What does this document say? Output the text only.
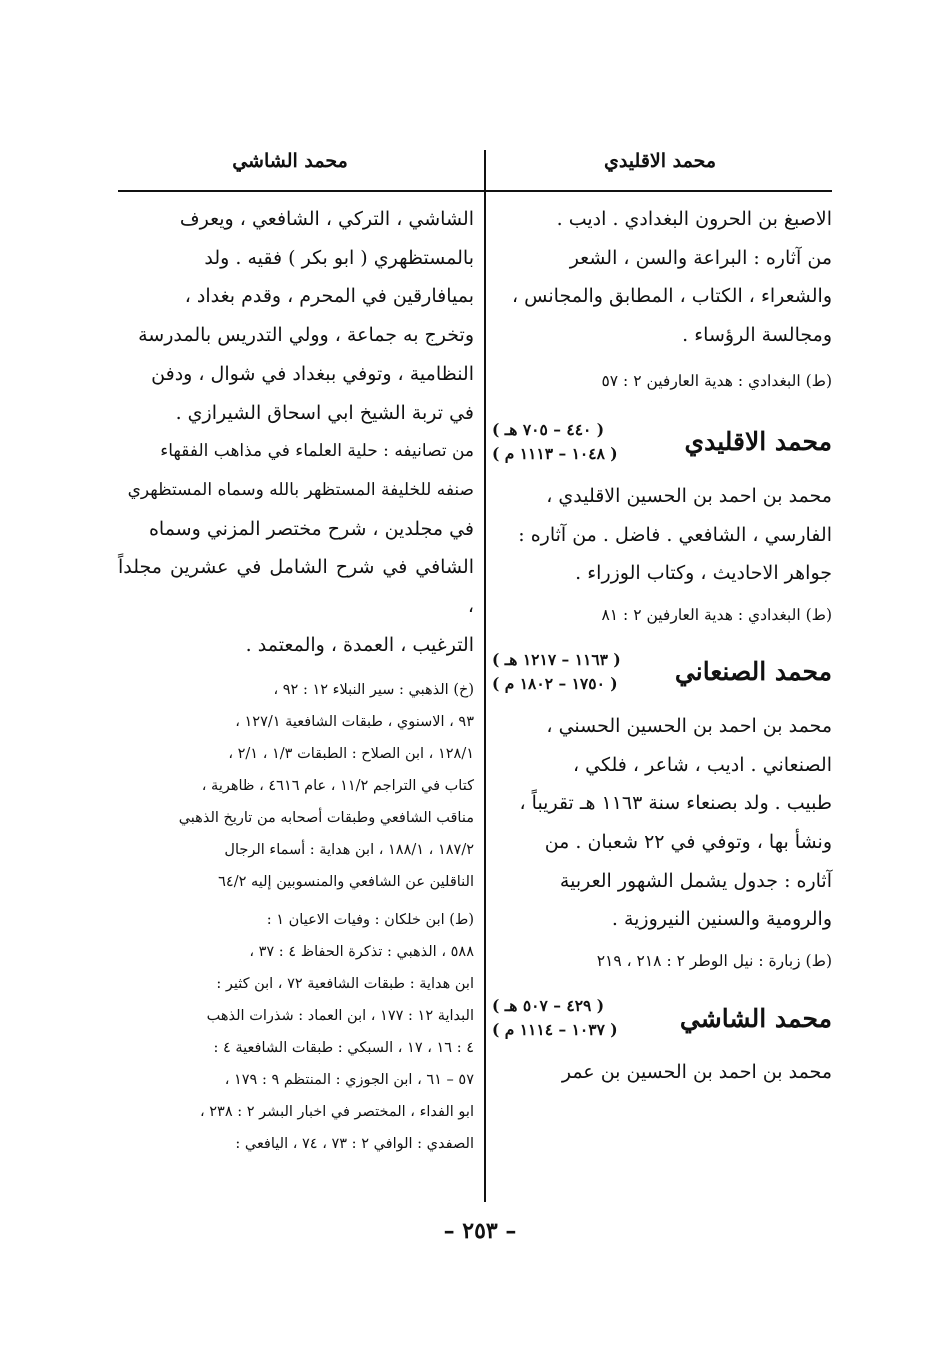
محمد الاقليدي
محمد الشاشي

الاصبغ بن الحرون البغدادي . اديب .

من آثاره : البراعة والسن ، الشعر

والشعراء ، الكتاب ، المطابق والمجانس ،

ومجالسة الرؤساء .

(ط) البغدادي : هدية العارفين ٢ : ٥٧

محمد الاقليدي
( ٤٤٠ – ٧٠٥ هـ )
( ١٠٤٨ – ١١١٣ م )

محمد بن احمد بن الحسين الاقليدي ،

الفارسي ، الشافعي . فاضل . من آثاره :

جواهر الاحاديث ، وكتاب الوزراء .

(ط) البغدادي : هدية العارفين ٢ : ٨١

محمد الصنعاني
( ١١٦٣ – ١٢١٧ هـ )
( ١٧٥٠ – ١٨٠٢ م )

محمد بن احمد بن الحسين الحسني ،

الصنعاني . اديب ، شاعر ، فلكي ،

طبيب . ولد بصنعاء سنة ١١٦٣ هـ تقريباً ،

ونشأ بها ، وتوفي في ٢٢ شعبان . من

آثاره : جدول يشمل الشهور العربية

والرومية والسنين النيروزية .

(ط) زبارة : نيل الوطر ٢ : ٢١٨ ، ٢١٩

محمد الشاشي
( ٤٢٩ – ٥٠٧ هـ )
( ١٠٣٧ – ١١١٤ م )

محمد بن احمد بن الحسين بن عمر

الشاشي ، التركي ، الشافعي ، ويعرف

بالمستظهري ( ابو بكر ) فقيه . ولد

بميافارقين في المحرم ، وقدم بغداد ،

وتخرج به جماعة ، وولي التدريس بالمدرسة

النظامية ، وتوفي ببغداد في شوال ، ودفن

في تربة الشيخ ابي اسحاق الشيرازي .

من تصانيفه : حلية العلماء في مذاهب الفقهاء

صنفه للخليفة المستظهر بالله وسماه المستظهري

في مجلدين ، شرح مختصر المزني وسماه

الشافي في شرح الشامل في عشرين مجلداً ،

الترغيب ، العمدة ، والمعتمد .

(خ) الذهبي : سير النبلاء ١٢ : ٩٢ ،

٩٣ ، الاسنوي ، طبقات الشافعية ١٢٧/١ ،

١٢٨/١ ، ابن الصلاح : الطبقات ١/٣ ، ٢/١ ،

كتاب في التراجم ١١/٢ ، عام ٤٦١٦ ، ظاهرية ،

مناقب الشافعي وطبقات أصحابه من تاريخ الذهبي

١٨٧/٢ ، ١٨٨/١ ، ابن هداية : أسماء الرجال

الناقلين عن الشافعي والمنسوبين إليه ٦٤/٢

(ط) ابن خلكان : وفيات الاعيان ١ :

٥٨٨ ، الذهبي : تذكرة الحفاظ ٤ : ٣٧ ،

ابن هداية : طبقات الشافعية ٧٢ ، ابن كثير :

البداية ١٢ : ١٧٧ ، ابن العماد : شذرات الذهب

٤ : ١٦ ، ١٧ ، السبكي : طبقات الشافعية ٤ :

٥٧ – ٦١ ، ابن الجوزي : المنتظم ٩ : ١٧٩ ،

ابو الفداء ، المختصر في اخبار البشر ٢ : ٢٣٨ ،

الصفدي : الوافي ٢ : ٧٣ ، ٧٤ ، اليافعي :

– ٢٥٣ –
